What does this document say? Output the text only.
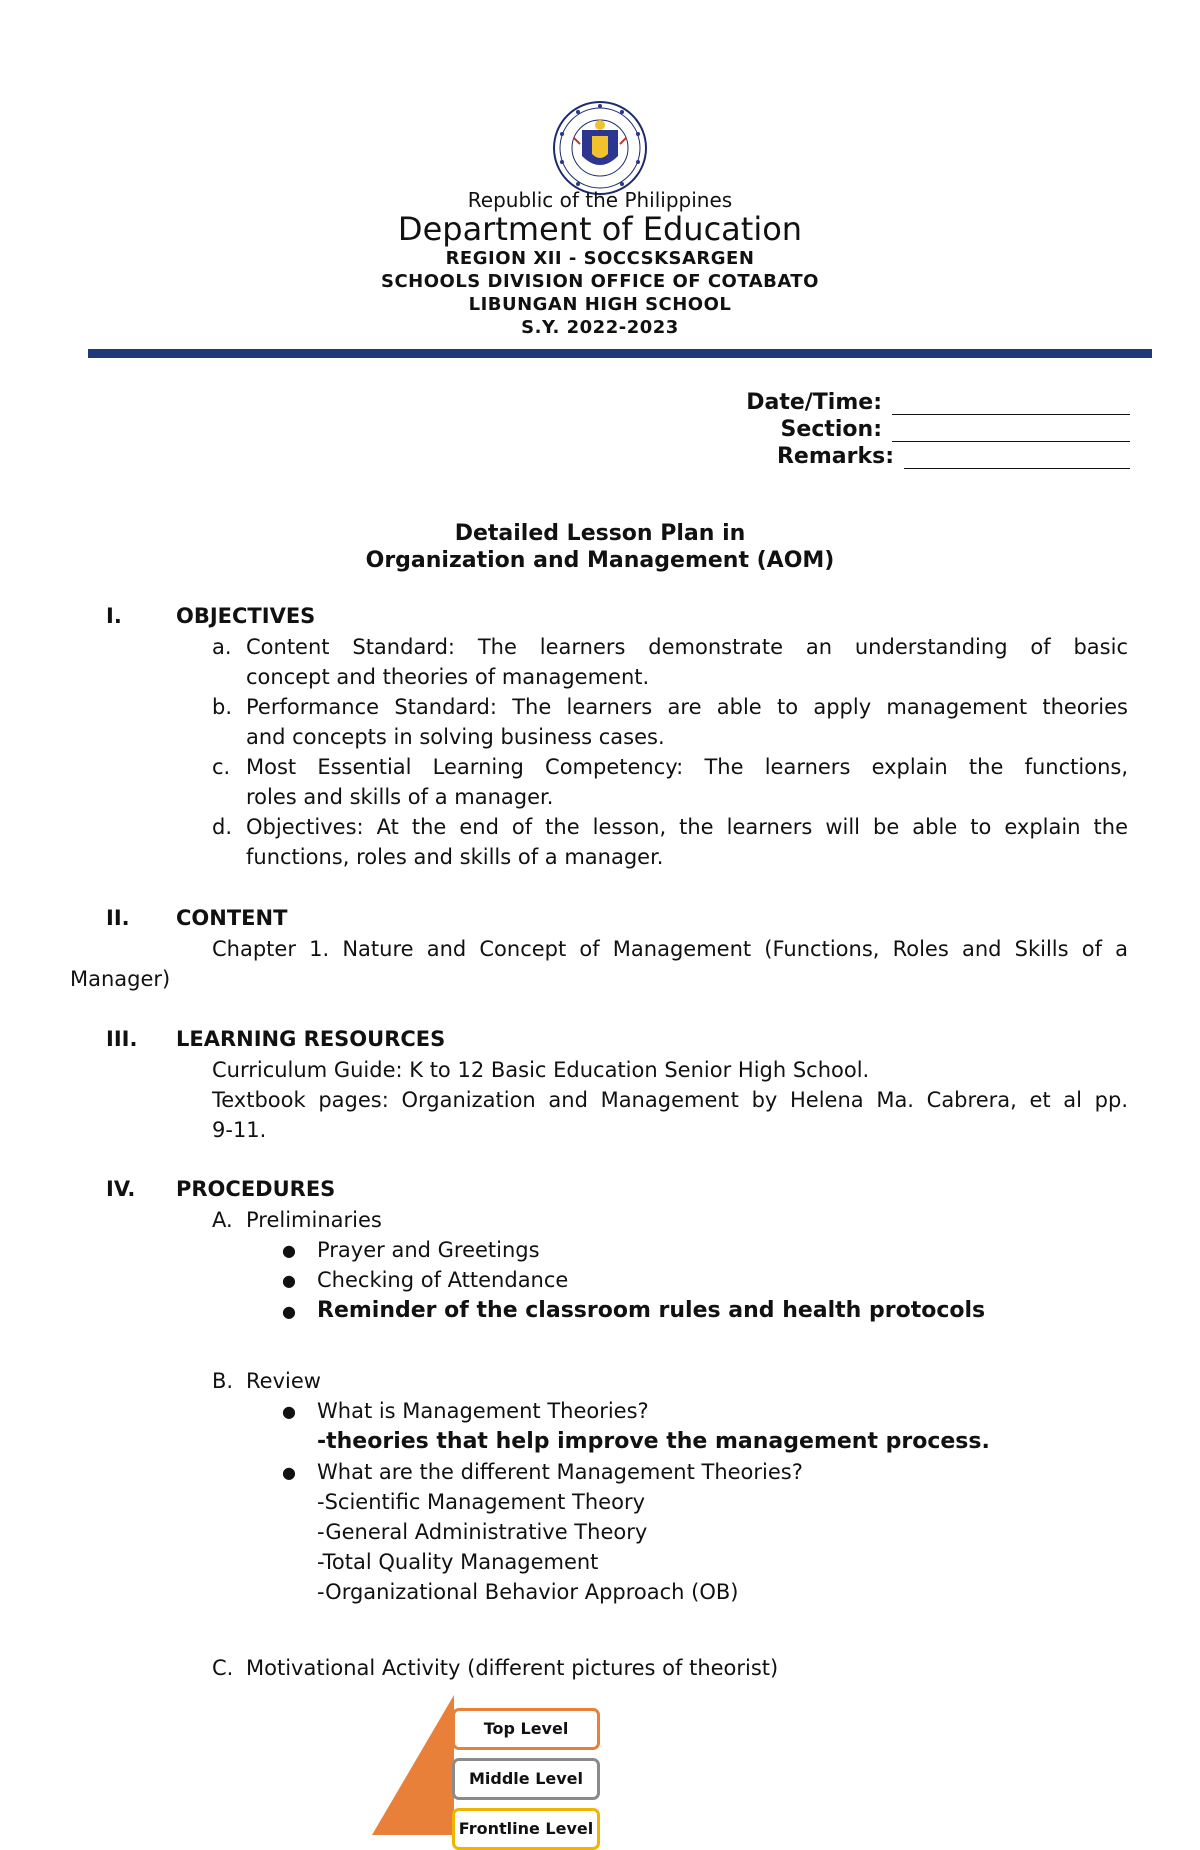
Republic of the Philippines
Department of Education
REGION XII - SOCCSKSARGEN
SCHOOLS DIVISION OFFICE OF COTABATO
LIBUNGAN HIGH SCHOOL
S.Y. 2022-2023
Date/Time:
Section:
Remarks:
Detailed Lesson Plan in
Organization and Management (AOM)
I.	OBJECTIVES
a. Content Standard: The learners demonstrate an understanding of basic
concept and theories of management.
b. Performance Standard: The learners are able to apply management theories
and concepts in solving business cases.
c. Most Essential Learning Competency: The learners explain the functions,
roles and skills of a manager.
d. Objectives: At the end of the lesson, the learners will be able to explain the
functions, roles and skills of a manager.
II. CONTENT
Chapter 1. Nature and Concept of Management (Functions, Roles and Skills of a
Manager)
III. LEARNING RESOURCES
Curriculum Guide: K to 12 Basic Education Senior High School.
Textbook pages: Organization and Management by Helena Ma. Cabrera, et al pp.
9-11.
IV. PROCEDURES
A. Preliminaries
● Prayer and Greetings
● Checking of Attendance
● Reminder of the classroom rules and health protocols
B. Review
● What is Management Theories?
-theories that help improve the management process.
● What are the different Management Theories?
-Scientific Management Theory
-General Administrative Theory
-Total Quality Management
-Organizational Behavior Approach (OB)
C. Motivational Activity (different pictures of theorist)
Top Level
Middle Level
Frontline Level
